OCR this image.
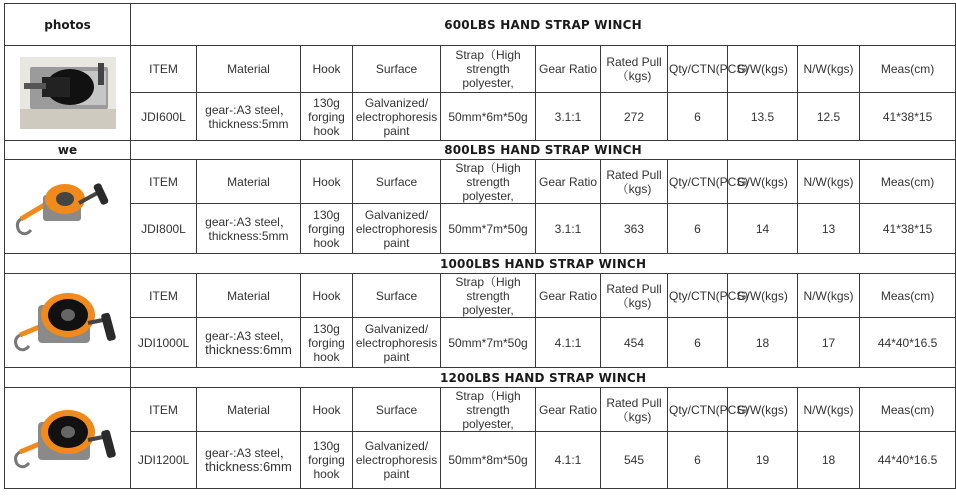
photos	600LBS HAND STRAP WINCH										

	ITEM	Material	Hook	Surface	Strap（High strength polyester,	Gear Ratio	Rated Pull（kgs)	Qty/CTN(PCS)	G/W(kgs)	N/W(kgs)	Meas(cm)
	JDI600L	gear-:A3 steel，
thickness:5mm	130g forging hook	Galvanized/ electrophoresis paint	50mm*6m*50g	3.1:1	272	6	13.5	12.5	41*38*15
we	800LBS HAND STRAP WINCH										

	ITEM	Material	Hook	Surface	Strap（High strength polyester,	Gear Ratio	Rated Pull（kgs)	Qty/CTN(PCS)	G/W(kgs)	N/W(kgs)	Meas(cm)
	JDI800L	gear-:A3 steel，
thickness:5mm	130g forging hook	Galvanized/ electrophoresis paint	50mm*7m*50g	3.1:1	363	6	14	13	41*38*15
	1000LBS HAND STRAP WINCH										

	ITEM	Material	Hook	Surface	Strap（High strength polyester,	Gear Ratio	Rated Pull（kgs)	Qty/CTN(PCS)	G/W(kgs)	N/W(kgs)	Meas(cm)
	JDI1000L	gear-:A3 steel，
thickness:6mm	130g forging hook	Galvanized/ electrophoresis paint	50mm*7m*50g	4.1:1	454	6	18	17	44*40*16.5
	1200LBS HAND STRAP WINCH										

	ITEM	Material	Hook	Surface	Strap（High strength polyester,	Gear Ratio	Rated Pull（kgs)	Qty/CTN(PCS)	G/W(kgs)	N/W(kgs)	Meas(cm)
	JDI1200L	gear-:A3 steel，
thickness:6mm	130g forging hook	Galvanized/ electrophoresis paint	50mm*8m*50g	4.1:1	545	6	19	18	44*40*16.5
